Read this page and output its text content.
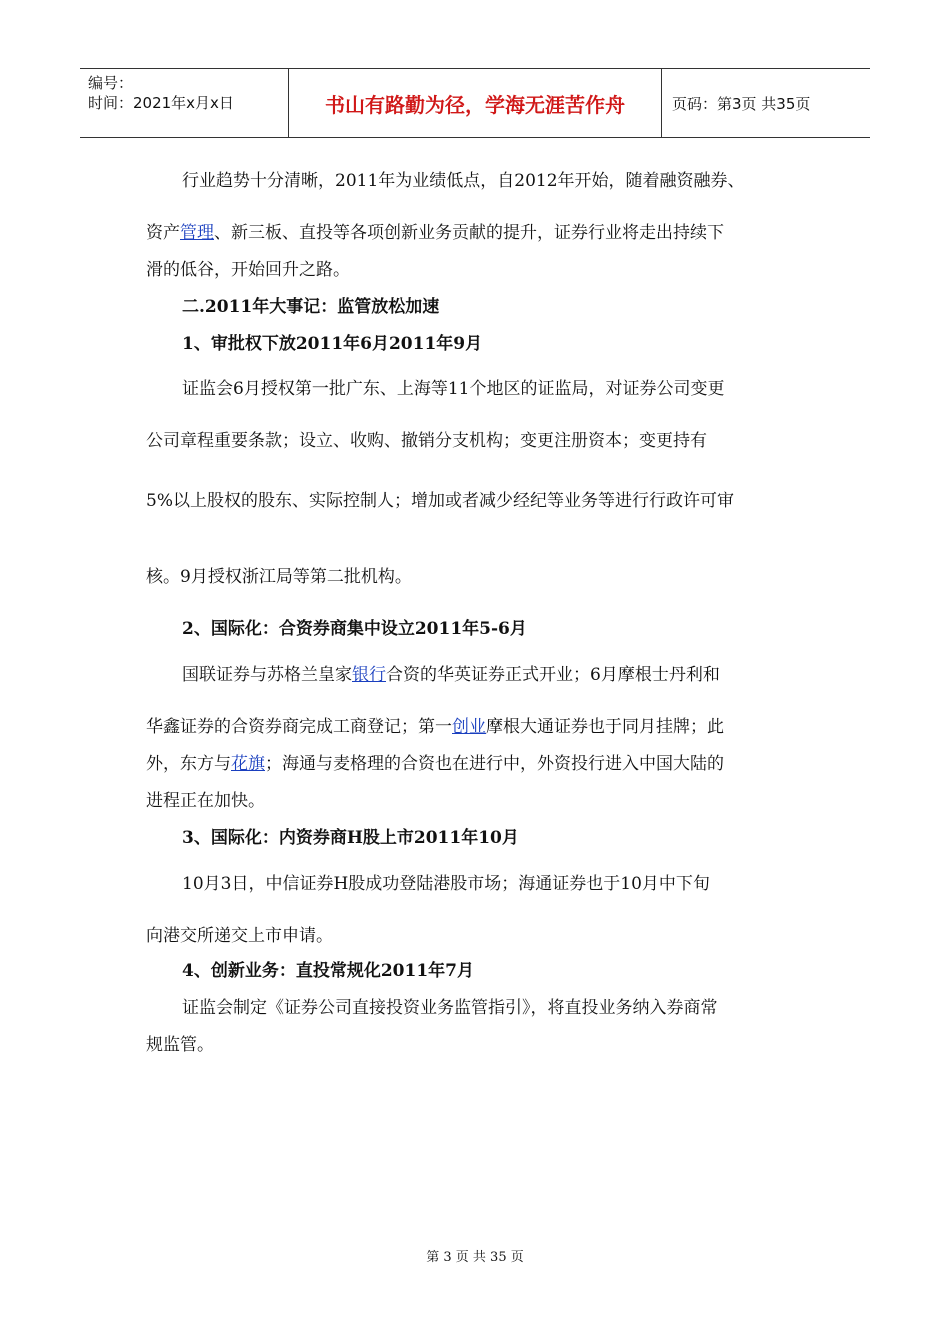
编号：
时间：2021年x月x日	书山有路勤为径，学海无涯苦作舟	页码：第3页 共35页
行业趋势十分清晰，2011年为业绩低点，自2012年开始，随着融资融券、
资产管理、新三板、直投等各项创新业务贡献的提升，证券行业将走出持续下
滑的低谷，开始回升之路。
二.2011年大事记：监管放松加速
1、审批权下放2011年6月2011年9月
证监会6月授权第一批广东、上海等11个地区的证监局，对证券公司变更
公司章程重要条款；设立、收购、撤销分支机构；变更注册资本；变更持有
5%以上股权的股东、实际控制人；增加或者减少经纪等业务等进行行政许可审
核。9月授权浙江局等第二批机构。
2、国际化：合资券商集中设立2011年5-6月
国联证券与苏格兰皇家银行合资的华英证券正式开业；6月摩根士丹利和
华鑫证券的合资券商完成工商登记；第一创业摩根大通证券也于同月挂牌；此
外，东方与花旗；海通与麦格理的合资也在进行中，外资投行进入中国大陆的
进程正在加快。
3、国际化：内资券商H股上市2011年10月
10月3日，中信证券H股成功登陆港股市场；海通证券也于10月中下旬
向港交所递交上市申请。
4、创新业务：直投常规化2011年7月
证监会制定《证券公司直接投资业务监管指引》，将直投业务纳入券商常
规监管。
第 3 页 共 35 页
